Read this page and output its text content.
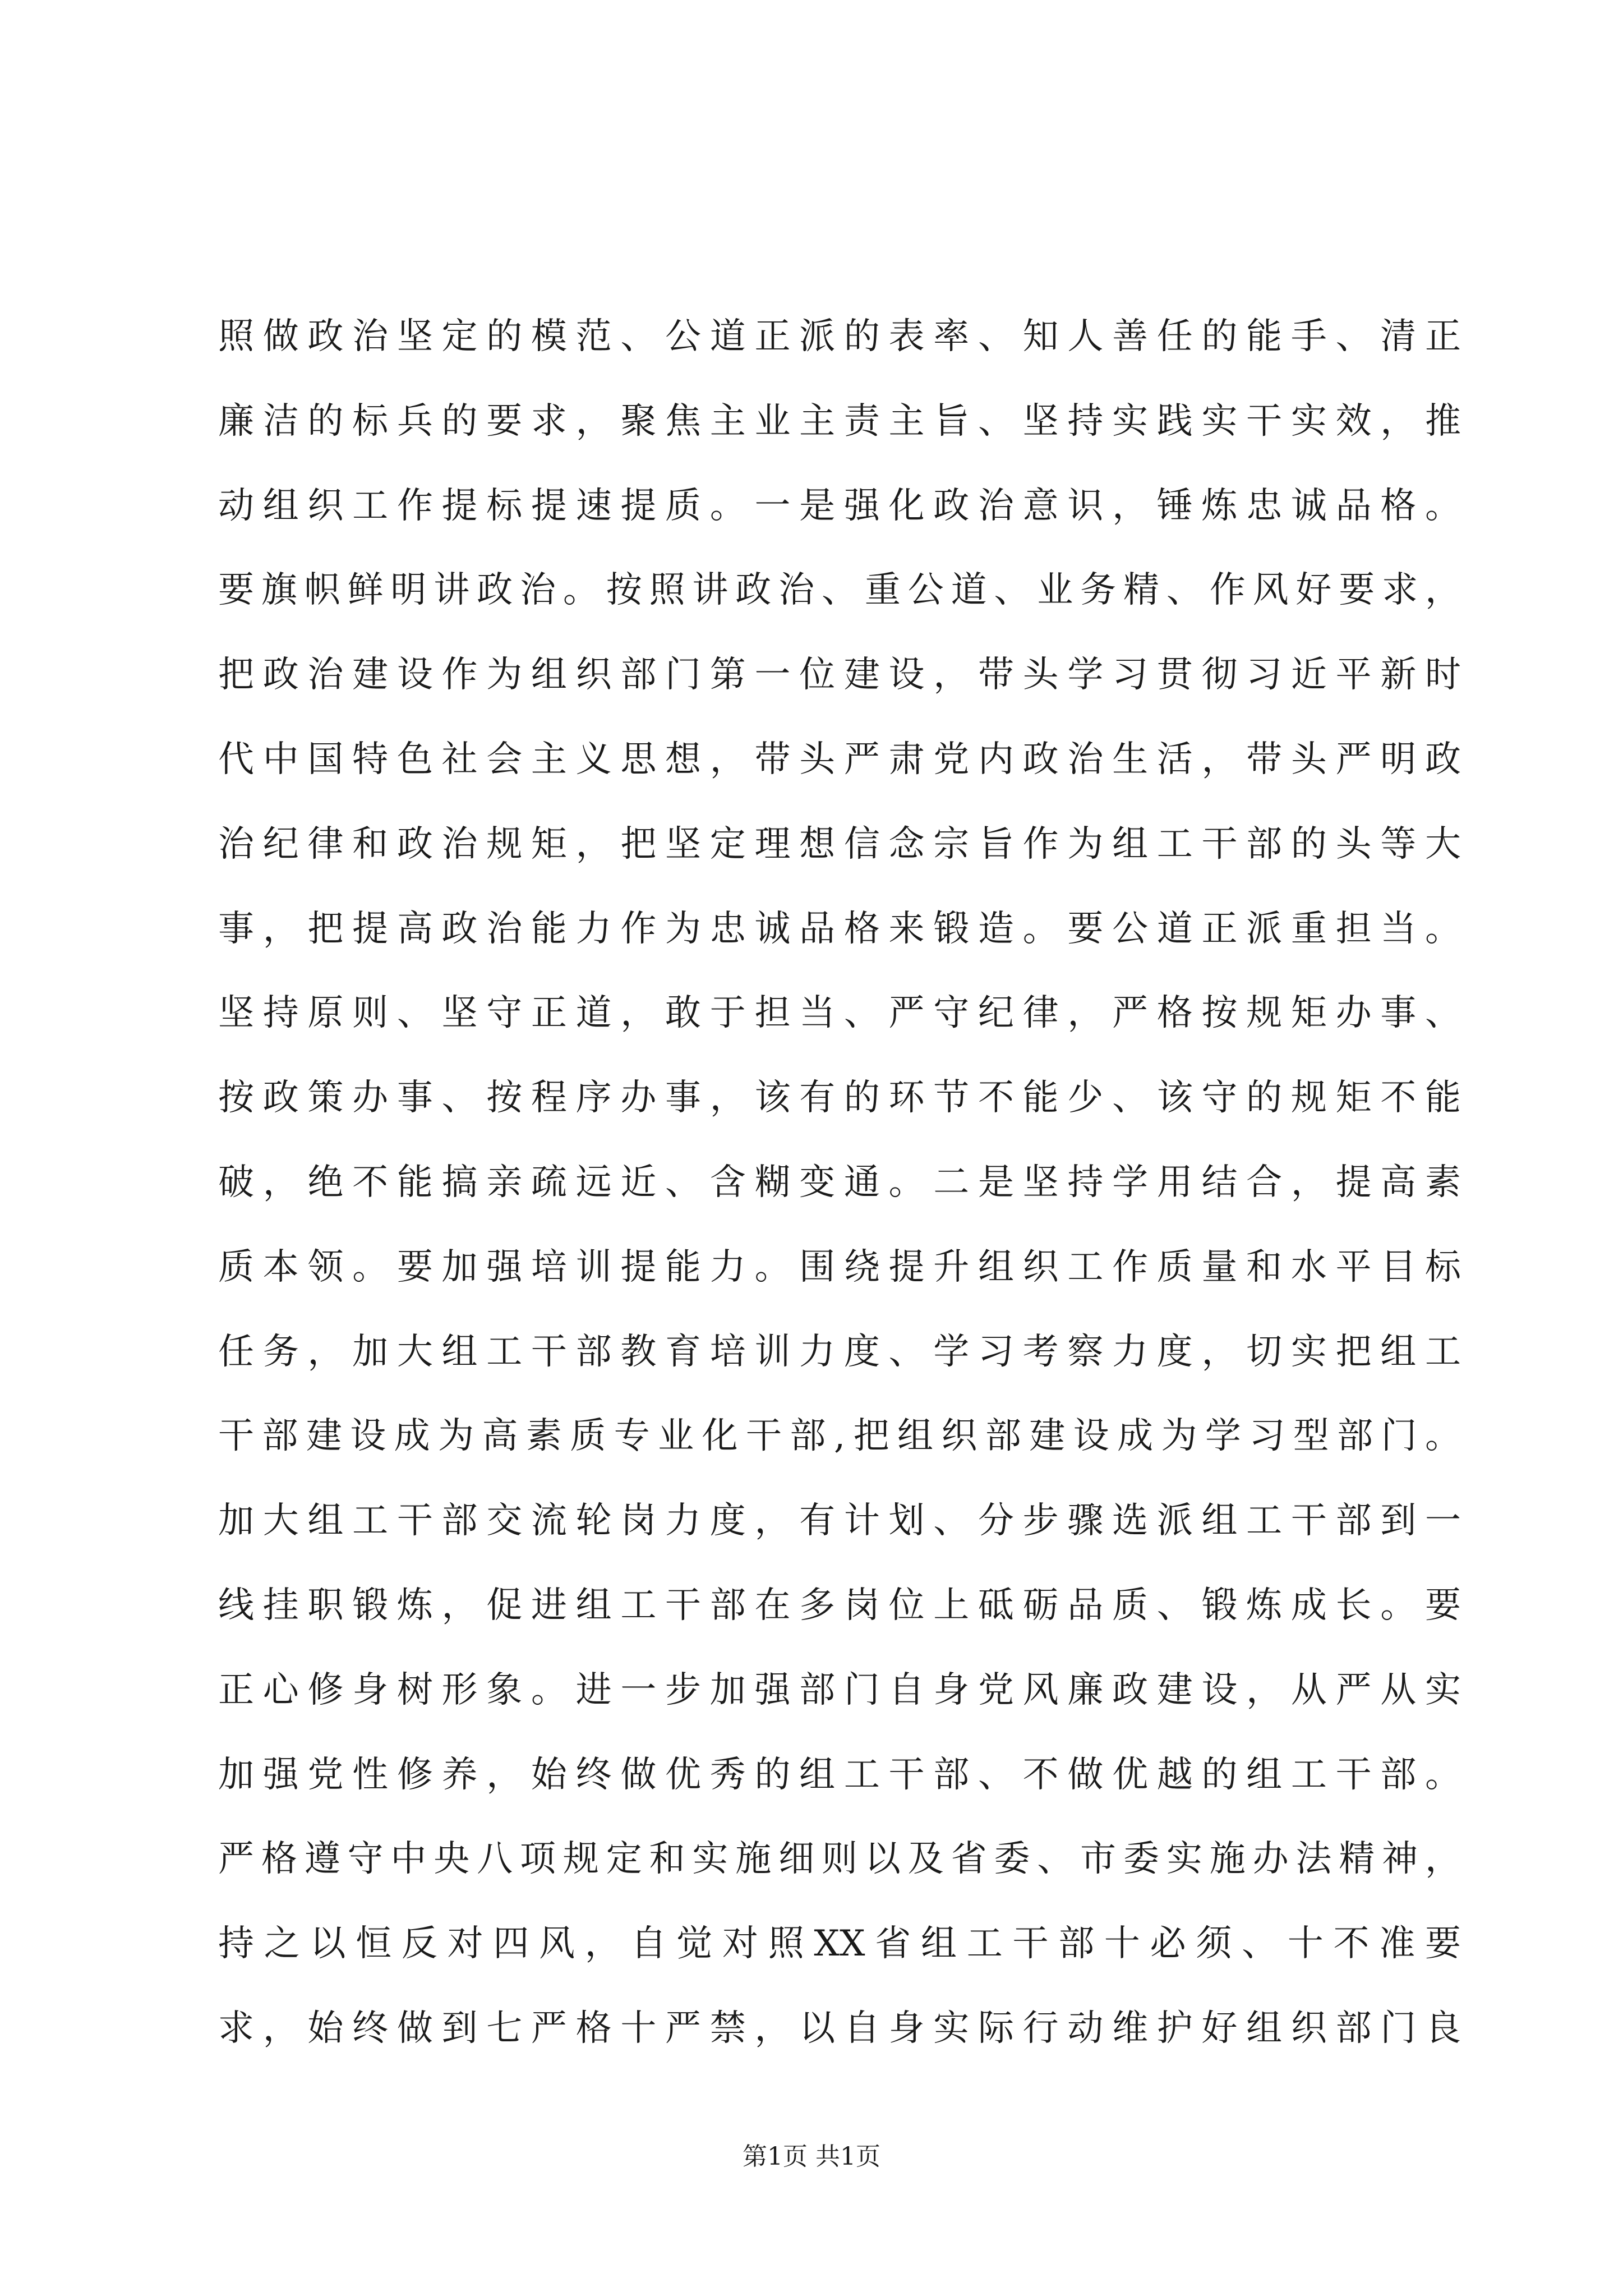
照做政治坚定的模范、公道正派的表率、知人善任的能手、清正
廉洁的标兵的要求，聚焦主业主责主旨、坚持实践实干实效，推
动组织工作提标提速提质。一是强化政治意识，锤炼忠诚品格。
要旗帜鲜明讲政治。按照讲政治、重公道、业务精、作风好要求，
把政治建设作为组织部门第一位建设，带头学习贯彻习近平新时
代中国特色社会主义思想，带头严肃党内政治生活，带头严明政
治纪律和政治规矩，把坚定理想信念宗旨作为组工干部的头等大
事，把提高政治能力作为忠诚品格来锻造。要公道正派重担当。
坚持原则、坚守正道，敢于担当、严守纪律，严格按规矩办事、
按政策办事、按程序办事，该有的环节不能少、该守的规矩不能
破，绝不能搞亲疏远近、含糊变通。二是坚持学用结合，提高素
质本领。要加强培训提能力。围绕提升组织工作质量和水平目标
任务，加大组工干部教育培训力度、学习考察力度，切实把组工
干部建设成为高素质专业化干部,把组织部建设成为学习型部门。
加大组工干部交流轮岗力度，有计划、分步骤选派组工干部到一
线挂职锻炼，促进组工干部在多岗位上砥砺品质、锻炼成长。要
正心修身树形象。进一步加强部门自身党风廉政建设，从严从实
加强党性修养，始终做优秀的组工干部、不做优越的组工干部。
严格遵守中央八项规定和实施细则以及省委、市委实施办法精神，
持之以恒反对四风，自觉对照XX省组工干部十必须、十不准要
求，始终做到七严格十严禁，以自身实际行动维护好组织部门良
第1页 共1页
